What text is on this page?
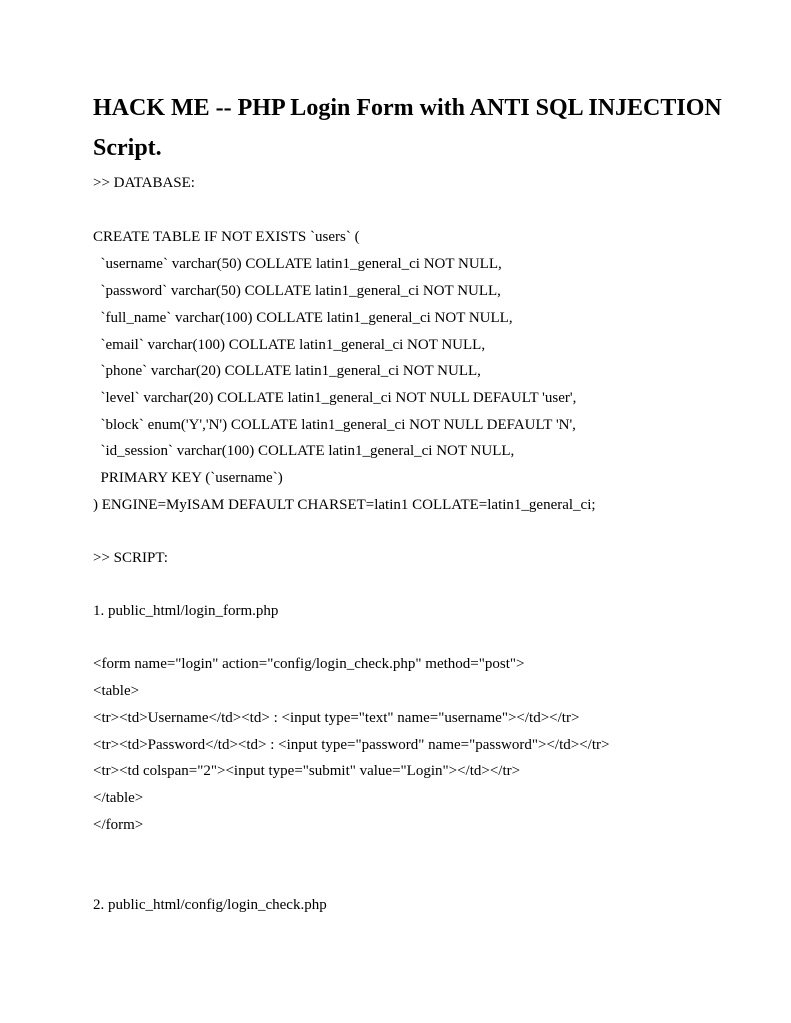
HACK ME -- PHP Login Form with ANTI SQL INJECTION Script.

>> DATABASE:

CREATE TABLE IF NOT EXISTS `users` (

`username` varchar(50) COLLATE latin1_general_ci NOT NULL,

`password` varchar(50) COLLATE latin1_general_ci NOT NULL,

`full_name` varchar(100) COLLATE latin1_general_ci NOT NULL,

`email` varchar(100) COLLATE latin1_general_ci NOT NULL,

`phone` varchar(20) COLLATE latin1_general_ci NOT NULL,

`level` varchar(20) COLLATE latin1_general_ci NOT NULL DEFAULT 'user',

`block` enum('Y','N') COLLATE latin1_general_ci NOT NULL DEFAULT 'N',

`id_session` varchar(100) COLLATE latin1_general_ci NOT NULL,

PRIMARY KEY (`username`)

) ENGINE=MyISAM DEFAULT CHARSET=latin1 COLLATE=latin1_general_ci;

>> SCRIPT:

1. public_html/login_form.php

<form name="login" action="config/login_check.php" method="post">

<table>

<tr><td>Username</td><td> : <input type="text" name="username"></td></tr>

<tr><td>Password</td><td> : <input type="password" name="password"></td></tr>

<tr><td colspan="2"><input type="submit" value="Login"></td></tr>

</table>

</form>

2. public_html/config/login_check.php
